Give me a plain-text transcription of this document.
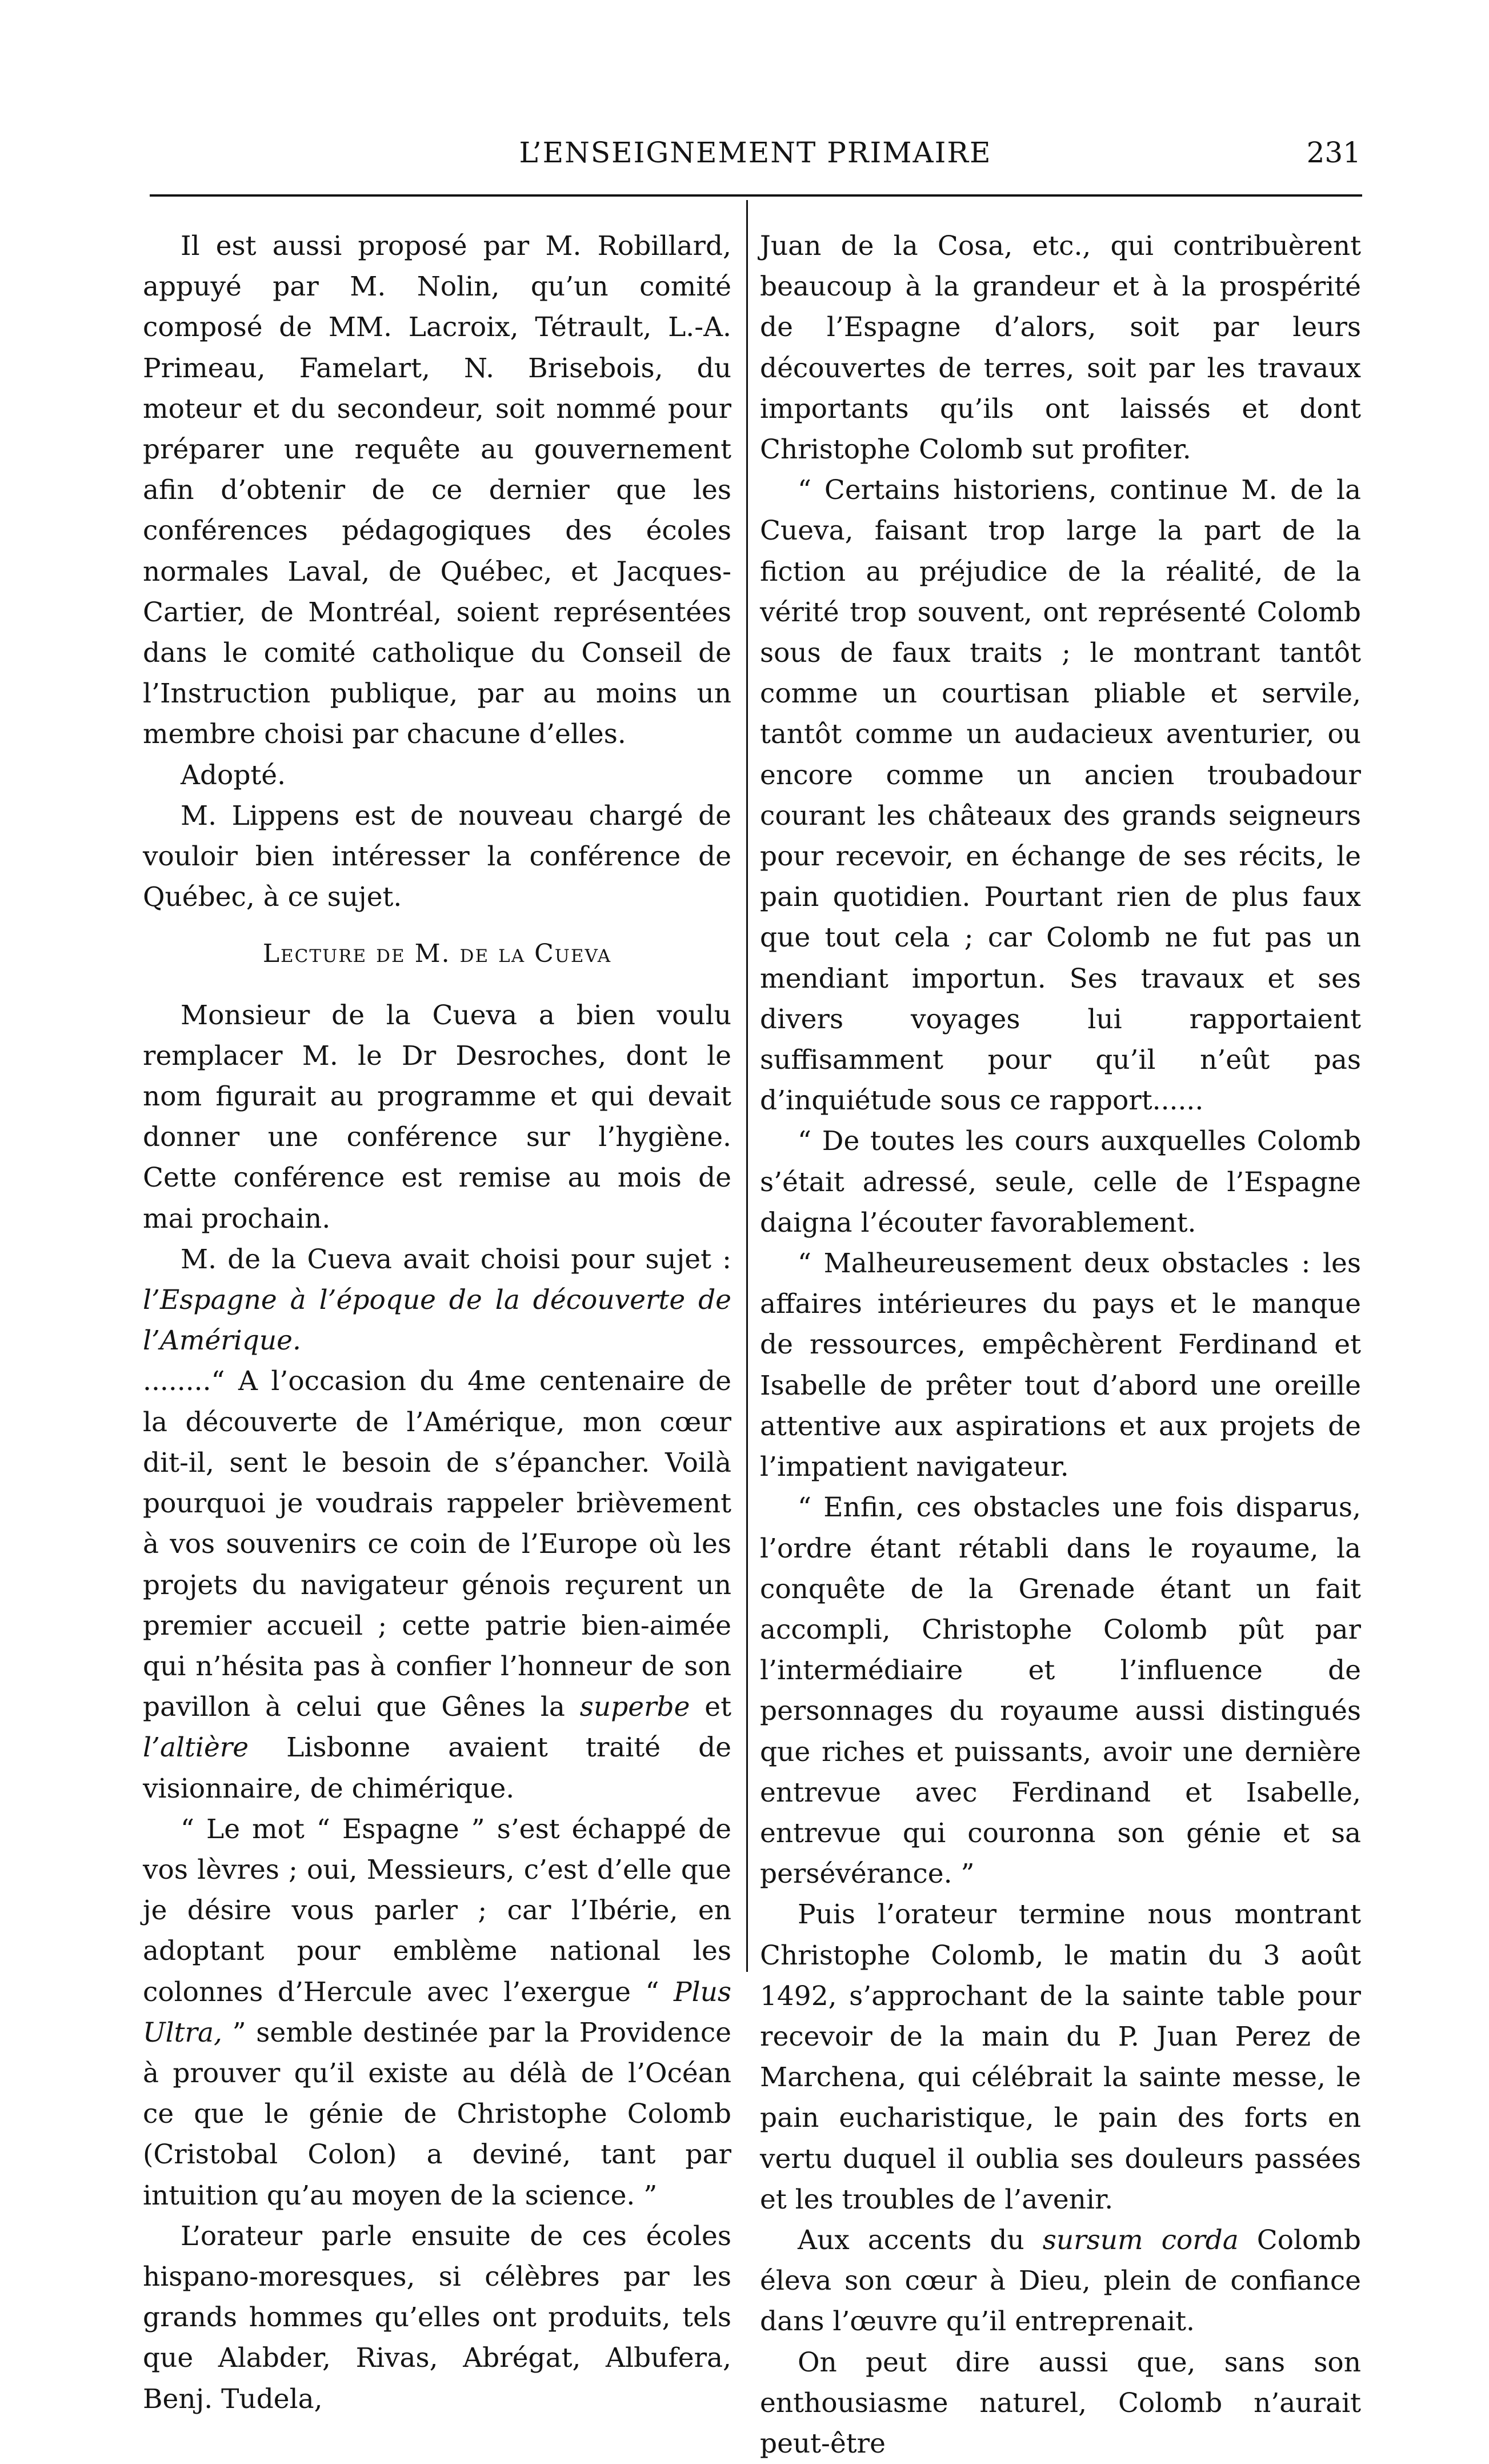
L’ENSEIGNEMENT PRIMAIRE	231

Il est aussi proposé par M. Robillard, appuyé par M. Nolin, qu’un comité composé de MM. Lacroix, Tétrault, L.-A. Primeau, Famelart, N. Brisebois, du moteur et du secondeur, soit nommé pour préparer une requête au gouvernement afin d’obtenir de ce dernier que les conférences pédagogiques des écoles normales Laval, de Québec, et Jacques-Cartier, de Montréal, soient représentées dans le comité catholique du Conseil de l’Instruction publique, par au moins un membre choisi par chacune d’elles.

Adopté.

M. Lippens est de nouveau chargé de vouloir bien intéresser la conférence de Québec, à ce sujet.

Lecture de M. de la Cueva

Monsieur de la Cueva a bien voulu remplacer M. le Dr Desroches, dont le nom figurait au programme et qui devait donner une conférence sur l’hygiène. Cette conférence est remise au mois de mai prochain.

M. de la Cueva avait choisi pour sujet : l’Espagne à l’époque de la découverte de l’Amérique.

........“ A l’occasion du 4me centenaire de la découverte de l’Amérique, mon cœur dit-il, sent le besoin de s’épancher. Voilà pourquoi je voudrais rappeler brièvement à vos souvenirs ce coin de l’Europe où les projets du navigateur génois reçurent un premier accueil ; cette patrie bien-aimée qui n’hésita pas à confier l’honneur de son pavillon à celui que Gênes la superbe et l’altière Lisbonne avaient traité de visionnaire, de chimérique.

“ Le mot “ Espagne ” s’est échappé de vos lèvres ; oui, Messieurs, c’est d’elle que je désire vous parler ; car l’Ibérie, en adoptant pour emblème national les colonnes d’Hercule avec l’exergue “ Plus Ultra, ” semble destinée par la Providence à prouver qu’il existe au délà de l’Océan ce que le génie de Christophe Colomb (Cristobal Colon) a deviné, tant par intuition qu’au moyen de la science. ”

L’orateur parle ensuite de ces écoles hispano-moresques, si célèbres par les grands hommes qu’elles ont produits, tels que Alabder, Rivas, Abrégat, Albufera, Benj. Tudela,

Juan de la Cosa, etc., qui contribuèrent beaucoup à la grandeur et à la prospérité de l’Espagne d’alors, soit par leurs découvertes de terres, soit par les travaux importants qu’ils ont laissés et dont Christophe Colomb sut profiter.

“ Certains historiens, continue M. de la Cueva, faisant trop large la part de la fiction au préjudice de la réalité, de la vérité trop souvent, ont représenté Colomb sous de faux traits ; le montrant tantôt comme un courtisan pliable et servile, tantôt comme un audacieux aventurier, ou encore comme un ancien troubadour courant les châteaux des grands seigneurs pour recevoir, en échange de ses récits, le pain quotidien. Pourtant rien de plus faux que tout cela ; car Colomb ne fut pas un mendiant importun. Ses travaux et ses divers voyages lui rapportaient suffisamment pour qu’il n’eût pas d’inquiétude sous ce rapport......

“ De toutes les cours auxquelles Colomb s’était adressé, seule, celle de l’Espagne daigna l’écouter favorablement.

“ Malheureusement deux obstacles : les affaires intérieures du pays et le manque de ressources, empêchèrent Ferdinand et Isabelle de prêter tout d’abord une oreille attentive aux aspirations et aux projets de l’impatient navigateur.

“ Enfin, ces obstacles une fois disparus, l’ordre étant rétabli dans le royaume, la conquête de la Grenade étant un fait accompli, Christophe Colomb pût par l’intermédiaire et l’influence de personnages du royaume aussi distingués que riches et puissants, avoir une dernière entrevue avec Ferdinand et Isabelle, entrevue qui couronna son génie et sa persévérance. ”

Puis l’orateur termine nous montrant Christophe Colomb, le matin du 3 août 1492, s’approchant de la sainte table pour recevoir de la main du P. Juan Perez de Marchena, qui célébrait la sainte messe, le pain eucharistique, le pain des forts en vertu duquel il oublia ses douleurs passées et les troubles de l’avenir.

Aux accents du sursum corda Colomb éleva son cœur à Dieu, plein de confiance dans l’œuvre qu’il entreprenait.

On peut dire aussi que, sans son enthousiasme naturel, Colomb n’aurait peut-être
